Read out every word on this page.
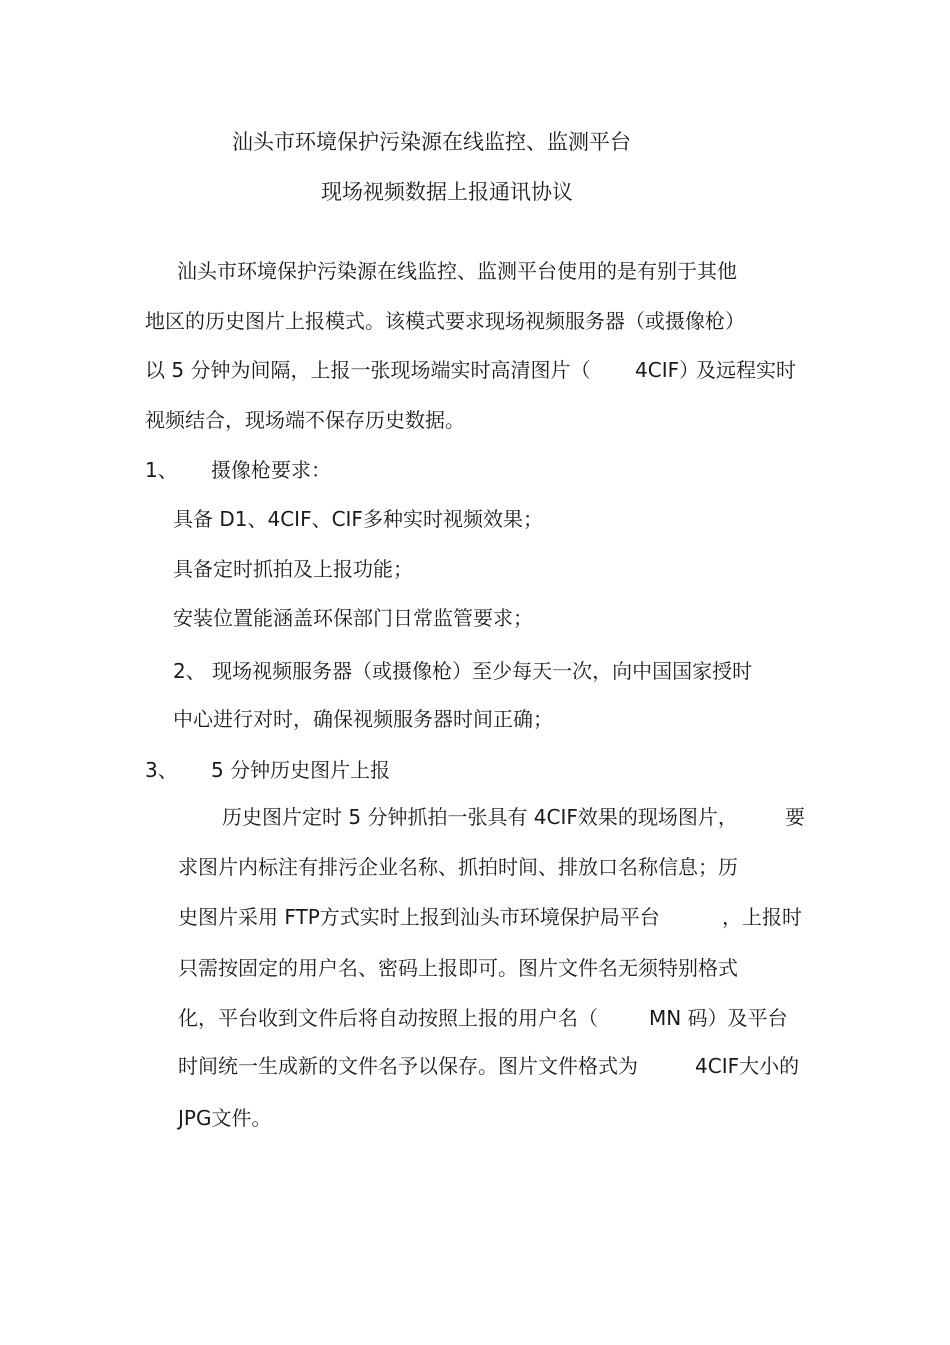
汕头市环境保护污染源在线监控、监测平台
现场视频数据上报通讯协议
汕头市环境保护污染源在线监控、监测平台使用的是有别于其他
地区的历史图片上报模式。该模式要求现场视频服务器（或摄像枪）
以 5 分钟为间隔，上报一张现场端实时高清图片（ 4CIF）
及远程实时
视频结合，现场端不保存历史数据。
1、 摄像枪要求：
具备 D1、4CIF、CIF多种实时视频效果；
具备定时抓拍及上报功能；
安装位置能涵盖环保部门日常监管要求；
2、 现场视频服务器（或摄像枪）至少每天一次，向中国国家授时
中心进行对时，确保视频服务器时间正确；
3、 5 分钟历史图片上报
历史图片定时 5 分钟抓拍一张具有 4CIF效果的现场图片， 要
求图片内标注有排污企业名称、抓拍时间、排放口名称信息；历
史图片采用 FTP方式实时上报到汕头市环境保护局平台	，上报时
只需按固定的用户名、密码上报即可。图片文件名无须特别格式
化，平台收到文件后将自动按照上报的用户名（	MN 码）及平台
时间统一生成新的文件名予以保存。图片文件格式为	4CIF大小的
JPG文件。
